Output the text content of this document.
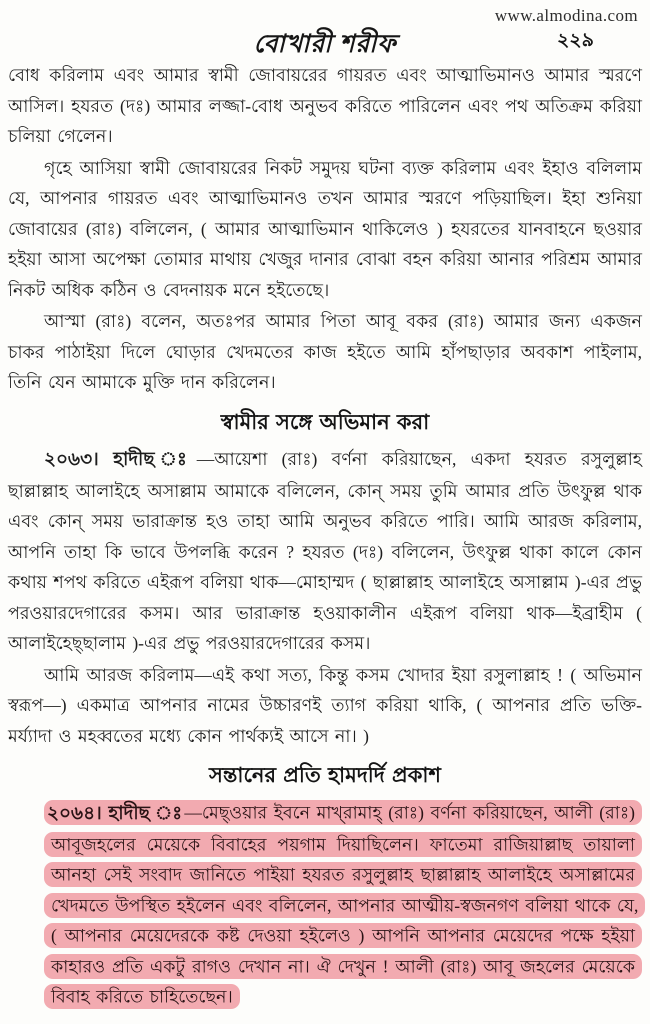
www.almodina.com
বোখারী শরীফ	২২৯

বোধ করিলাম এবং আমার স্বামী জোবায়রের গায়রত এবং আত্মাভিমানও আমার স্মরণে আসিল। হযরত (দঃ) আমার লজ্জা-বোধ অনুভব করিতে পারিলেন এবং পথ অতিক্রম করিয়া চলিয়া গেলেন।

গৃহে আসিয়া স্বামী জোবায়রের নিকট সমুদয় ঘটনা ব্যক্ত করিলাম এবং ইহাও বলিলাম যে, আপনার গায়রত এবং আত্মাভিমানও তখন আমার স্মরণে পড়িয়াছিল। ইহা শুনিয়া জোবায়ের (রাঃ) বলিলেন, ( আমার আত্মাভিমান থাকিলেও ) হযরতের যানবাহনে ছওয়ার হইয়া আসা অপেক্ষা তোমার মাথায় খেজুর দানার বোঝা বহন করিয়া আনার পরিশ্রম আমার নিকট অধিক কঠিন ও বেদনায়ক মনে হইতেছে।

আস্মা (রাঃ) বলেন, অতঃপর আমার পিতা আবূ বকর (রাঃ) আমার জন্য একজন চাকর পাঠাইয়া দিলে ঘোড়ার খেদমতের কাজ হইতে আমি হাঁপছাড়ার অবকাশ পাইলাম, তিনি যেন আমাকে মুক্তি দান করিলেন।

স্বামীর সঙ্গে অভিমান করা

২০৬৩। হাদীছ ঃ—আয়েশা (রাঃ) বর্ণনা করিয়াছেন, একদা হযরত রসুলুল্লাহ ছাল্লাল্লাহ আলাইহে অসাল্লাম আমাকে বলিলেন, কোন্ সময় তুমি আমার প্রতি উৎফুল্ল থাক এবং কোন্ সময় ভারাক্রান্ত হও তাহা আমি অনুভব করিতে পারি। আমি আরজ করিলাম, আপনি তাহা কি ভাবে উপলব্ধি করেন ? হযরত (দঃ) বলিলেন, উৎফুল্ল থাকা কালে কোন কথায় শপথ করিতে এইরূপ বলিয়া থাক—মোহাম্মদ ( ছাল্লাল্লাহ আলাইহে অসাল্লাম )-এর প্রভু পরওয়ারদেগারের কসম। আর ভারাক্রান্ত হওয়াকালীন এইরূপ বলিয়া থাক—ইব্রাহীম ( আলাইহেছ্ছালাম )-এর প্রভু পরওয়ারদেগারের কসম।

আমি আরজ করিলাম—এই কথা সত্য, কিন্তু কসম খোদার ইয়া রসুলাল্লাহ ! ( অভিমান স্বরূপ—) একমাত্র আপনার নামের উচ্চারণই ত্যাগ করিয়া থাকি, ( আপনার প্রতি ভক্তি-মর্য্যাদা ও মহব্বতের মধ্যে কোন পার্থক্যই আসে না। )

সন্তানের প্রতি হামদর্দি প্রকাশ

২০৬৪। হাদীছ ঃ—মেছ্‌ওয়ার ইবনে মাখ্‌রামাহ্ (রাঃ) বর্ণনা করিয়াছেন, আলী (রাঃ) আবূজহলের মেয়েকে বিবাহের পয়গাম দিয়াছিলেন। ফাতেমা রাজিয়াল্লাছ তায়ালা আনহা সেই সংবাদ জানিতে পাইয়া হযরত রসুলুল্লাহ ছাল্লাল্লাহ আলাইহে অসাল্লামের খেদমতে উপস্থিত হইলেন এবং বলিলেন, আপনার আত্মীয়-স্বজনগণ বলিয়া থাকে যে, ( আপনার মেয়েদেরকে কষ্ট দেওয়া হইলেও ) আপনি আপনার মেয়েদের পক্ষে হইয়া কাহারও প্রতি একটু রাগও দেখান না। ঐ দেখুন ! আলী (রাঃ) আবূ জহলের মেয়েকে বিবাহ করিতে চাহিতেছেন।
